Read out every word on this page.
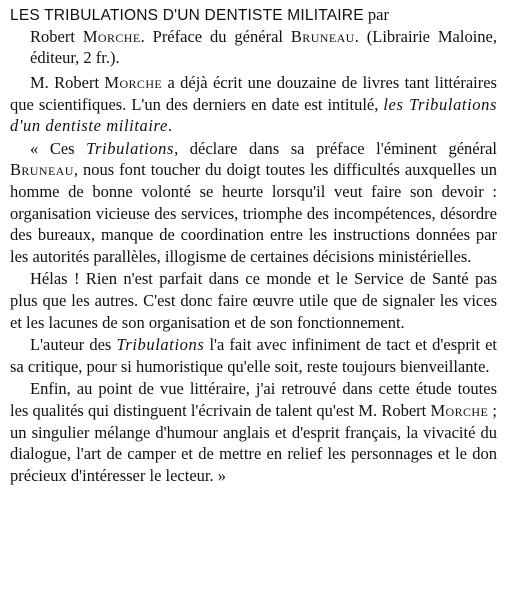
LES TRIBULATIONS D'UN DENTISTE MILITAIRE par
Robert Morche. Préface du général Bruneau. (Librairie Maloine, éditeur, 2 fr.).

M. Robert Morche a déjà écrit une douzaine de livres tant littéraires que scientifiques. L'un des derniers en date est intitulé, les Tribulations d'un dentiste militaire.

« Ces Tribulations, déclare dans sa préface l'éminent général Bruneau, nous font toucher du doigt toutes les difficultés auxquelles un homme de bonne volonté se heurte lorsqu'il veut faire son devoir : organisation vicieuse des services, triomphe des incompétences, désordre des bureaux, manque de coordination entre les instructions données par les autorités parallèles, illogisme de certaines décisions ministérielles.

Hélas ! Rien n'est parfait dans ce monde et le Service de Santé pas plus que les autres. C'est donc faire œuvre utile que de signaler les vices et les lacunes de son organisation et de son fonctionnement.

L'auteur des Tribulations l'a fait avec infiniment de tact et d'esprit et sa critique, pour si humoristique qu'elle soit, reste toujours bienveillante.

Enfin, au point de vue littéraire, j'ai retrouvé dans cette étude toutes les qualités qui distinguent l'écrivain de talent qu'est M. Robert Morche ; un singulier mélange d'humour anglais et d'esprit français, la vivacité du dialogue, l'art de camper et de mettre en relief les personnages et le don précieux d'intéresser le lecteur. »
